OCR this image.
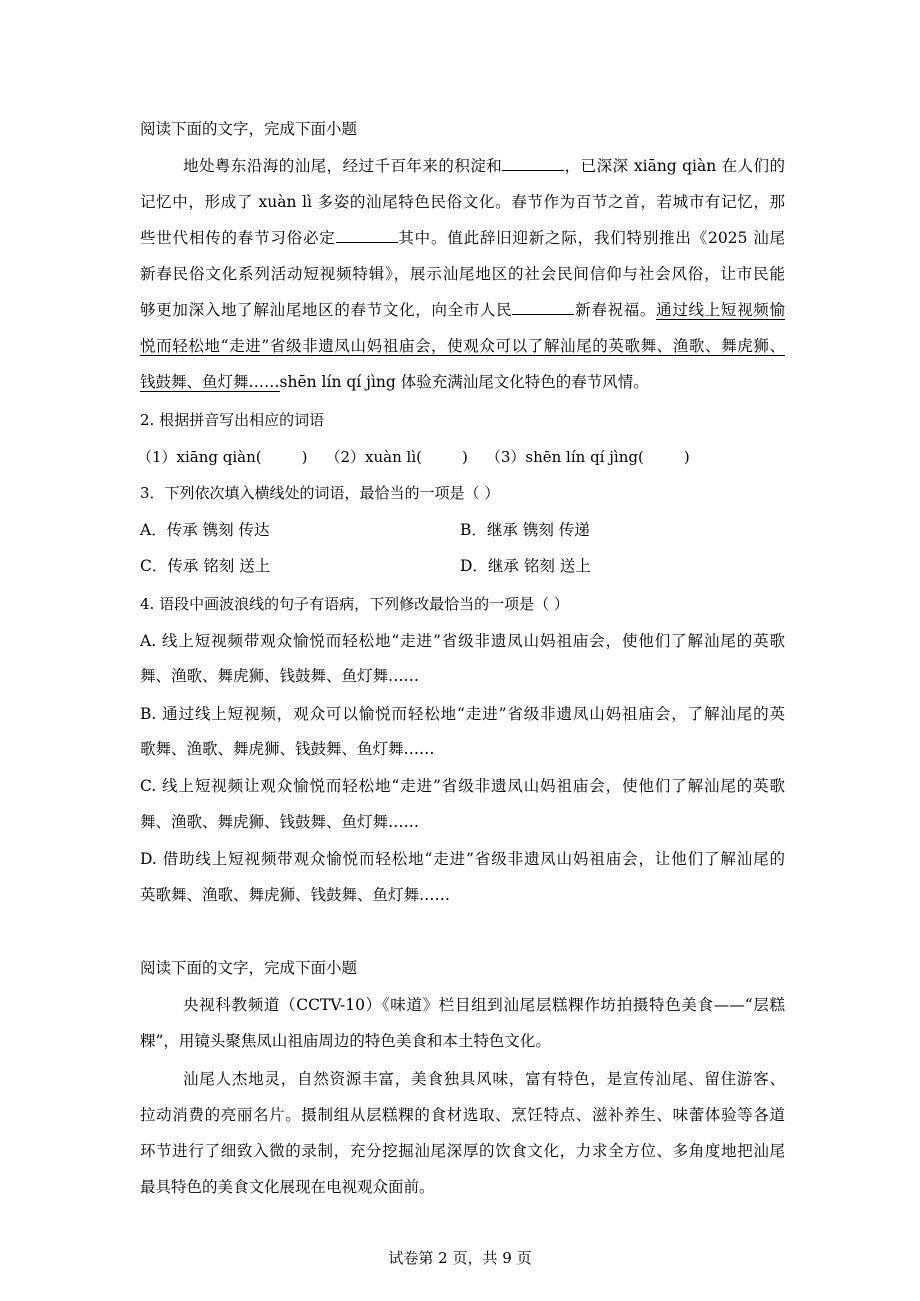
阅读下面的文字，完成下面小题
地处粤东沿海的汕尾，经过千百年来的积淀和	，已深深 xiāng qiàn 在人们的
记忆中，形成了 xuàn lì 多姿的汕尾特色民俗文化。春节作为百节之首，若城市有记忆，那
些世代相传的春节习俗必定	其中。值此辞旧迎新之际，我们特别推出《2025 汕尾
新春民俗文化系列活动短视频特辑》，展示汕尾地区的社会民间信仰与社会风俗，让市民能
够更加深入地了解汕尾地区的春节文化，向全市人民	新春祝福。通过线上短视频愉
悦而轻松地“走进”省级非遗凤山妈祖庙会，使观众可以了解汕尾的英歌舞、渔歌、舞虎狮、
钱鼓舞、鱼灯舞……shēn lín qí jìng 体验充满汕尾文化特色的春节风情。
2. 根据拼音写出相应的词语
（1）xiāng qiàn(	) （2）xuàn lì(	) （3）shēn lín qí jìng(	)
3．下列依次填入横线处的词语，最恰当的一项是（ ）
A．传承 镌刻 传达	B．继承 镌刻 传递
C．传承 铭刻 送上	D．继承 铭刻 送上
4. 语段中画波浪线的句子有语病，下列修改最恰当的一项是（ ）
A. 线上短视频带观众愉悦而轻松地“走进”省级非遗凤山妈祖庙会，使他们了解汕尾的英歌
舞、渔歌、舞虎狮、钱鼓舞、鱼灯舞……
B. 通过线上短视频，观众可以愉悦而轻松地“走进”省级非遗凤山妈祖庙会，了解汕尾的英
歌舞、渔歌、舞虎狮、钱鼓舞、鱼灯舞……
C. 线上短视频让观众愉悦而轻松地“走进”省级非遗凤山妈祖庙会，使他们了解汕尾的英歌
舞、渔歌、舞虎狮、钱鼓舞、鱼灯舞……
D. 借助线上短视频带观众愉悦而轻松地“走进”省级非遗凤山妈祖庙会，让他们了解汕尾的
英歌舞、渔歌、舞虎狮、钱鼓舞、鱼灯舞……
阅读下面的文字，完成下面小题
央视科教频道（CCTV-10）《味道》栏目组到汕尾层糕粿作坊拍摄特色美食——“层糕
粿”，用镜头聚焦凤山祖庙周边的特色美食和本土特色文化。
汕尾人杰地灵，自然资源丰富，美食独具风味，富有特色，是宣传汕尾、留住游客、
拉动消费的亮丽名片。摄制组从层糕粿的食材选取、烹饪特点、滋补养生、味蕾体验等各道
环节进行了细致入微的录制，充分挖掘汕尾深厚的饮食文化，力求全方位、多角度地把汕尾
最具特色的美食文化展现在电视观众面前。
试卷第 2 页，共 9 页
